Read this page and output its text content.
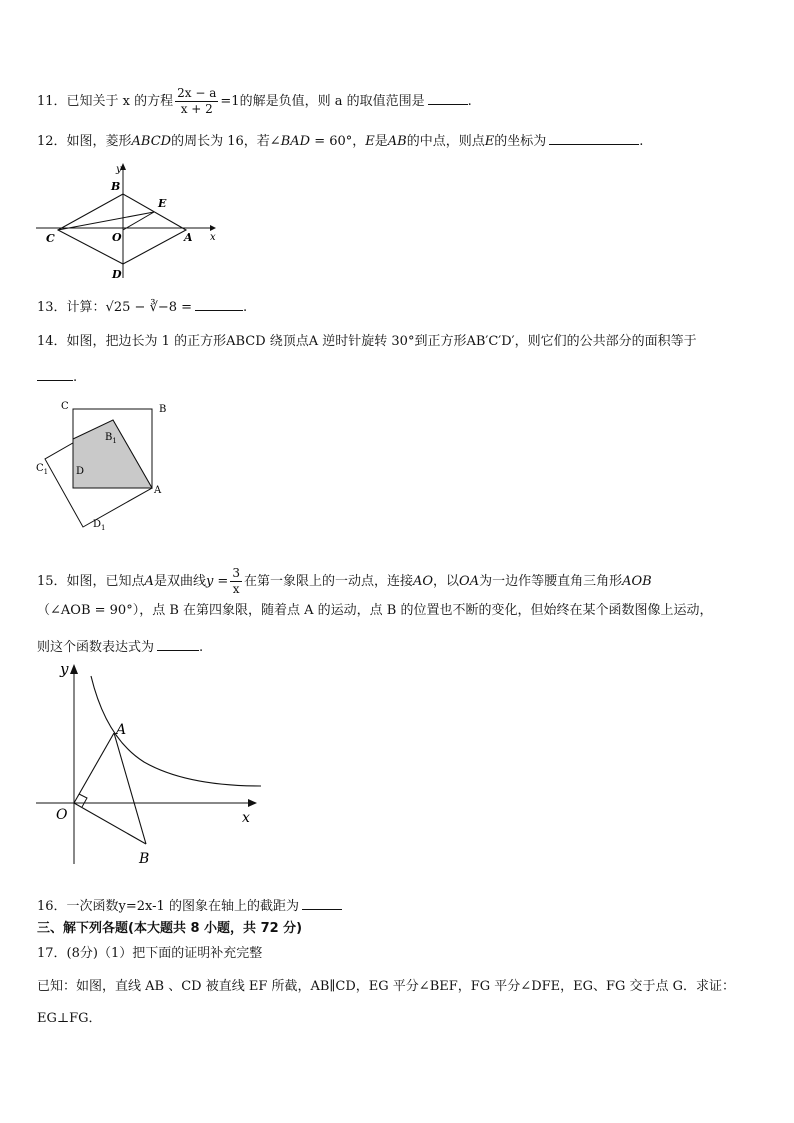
11．已知关于 x 的方程 $\frac{2x - a}{x + 2} =1$的解是负值，则 a 的取值范围是	.
12．如图，菱形ABCD的周长为 16，若∠BAD = 60°，E是AB的中点，则点E的坐标为	.
y
x
B
E
C	O	A
D
13．计算：√25 − ∛−8 =	.
14．如图，把边长为 1 的正方形ABCD 绕顶点A 逆时针旋转 30°到正方形AB′C′D′，则它们的公共部分的面积等于
.
C	B
$B_1$
$C_1$	D
A
$D_1$
15．如图，已知点A是双曲线$y = \frac{3}{x}$ 在第一象限上的一动点，连接AO，以OA为一边作等腰直角三角形AOB
（∠AOB = 90°），点 B 在第四象限，随着点 A 的运动，点 B 的位置也不断的变化，但始终在某个函数图像上运动，
则这个函数表达式为	.
y
A
O	x
B
16．一次函数y=2x-1 的图象在轴上的截距为
三、解下列各题(本大题共 8 小题，共 72 分)
17．(8分)（1）把下面的证明补充完整
已知：如图，直线 AB 、CD 被直线 EF 所截，AB∥CD，EG 平分∠BEF，FG 平分∠DFE，EG、FG 交于点 G．求证：
EG⊥FG．
